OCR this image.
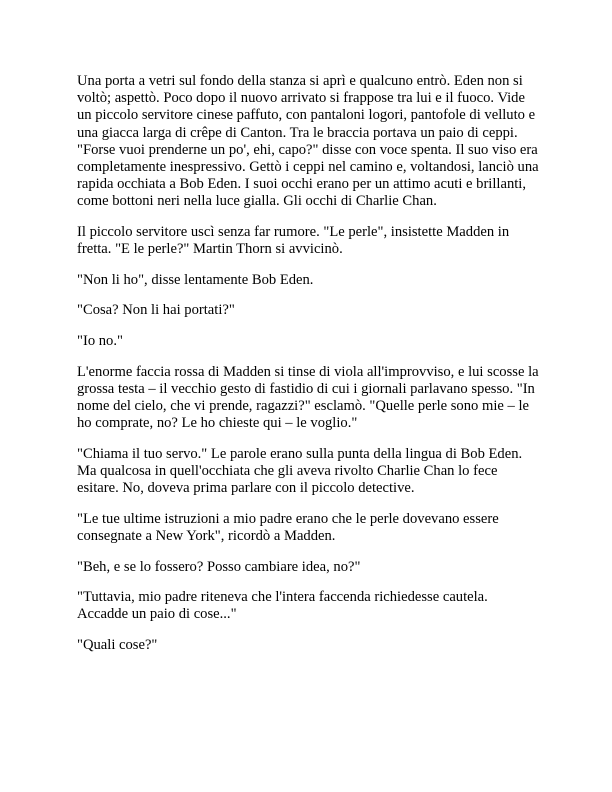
Una porta a vetri sul fondo della stanza si aprì e qualcuno entrò. Eden non si voltò; aspettò. Poco dopo il nuovo arrivato si frappose tra lui e il fuoco. Vide un piccolo servitore cinese paffuto, con pantaloni logori, pantofole di velluto e una giacca larga di crêpe di Canton. Tra le braccia portava un paio di ceppi. "Forse vuoi prenderne un po', ehi, capo?" disse con voce spenta. Il suo viso era completamente inespressivo. Gettò i ceppi nel camino e, voltandosi, lanciò una rapida occhiata a Bob Eden. I suoi occhi erano per un attimo acuti e brillanti, come bottoni neri nella luce gialla. Gli occhi di Charlie Chan.

Il piccolo servitore uscì senza far rumore. "Le perle", insistette Madden in fretta. "E le perle?" Martin Thorn si avvicinò.

"Non li ho", disse lentamente Bob Eden.

"Cosa? Non li hai portati?"

"Io no."

L'enorme faccia rossa di Madden si tinse di viola all'improvviso, e lui scosse la grossa testa – il vecchio gesto di fastidio di cui i giornali parlavano spesso. "In nome del cielo, che vi prende, ragazzi?" esclamò. "Quelle perle sono mie – le ho comprate, no? Le ho chieste qui – le voglio."

"Chiama il tuo servo." Le parole erano sulla punta della lingua di Bob Eden. Ma qualcosa in quell'occhiata che gli aveva rivolto Charlie Chan lo fece esitare. No, doveva prima parlare con il piccolo detective.

"Le tue ultime istruzioni a mio padre erano che le perle dovevano essere consegnate a New York", ricordò a Madden.

"Beh, e se lo fossero? Posso cambiare idea, no?"

"Tuttavia, mio padre riteneva che l'intera faccenda richiedesse cautela. Accadde un paio di cose..."

"Quali cose?"
